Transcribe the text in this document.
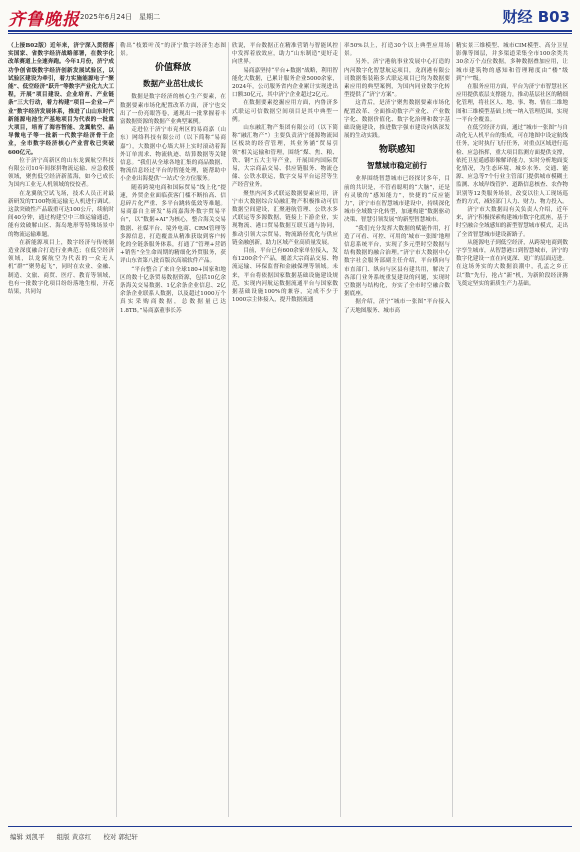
齐鲁晚报 2025年6月24日　星期二	财经 B03

（上接B02版）近年来，济宁深入贯彻落实国家、省数字经济战略部署，在数字化改革赛道上全速奔跑。今年1月份，济宁成功争创省级数字经济创新发展试验区，以试验区建设为牵引，着力实施能源电子“聚能”、低空经济“跃升”等数字产业化九大工程，开展“项目建设、企业培育、产业链条”三大行动，着力构建“项目—企业—产业”数字经济发展体系，推进了山山东时代新能源电池生产基地项目为代表的一批重大项目，培育了海容智能、龙翼航空、晶导微电子等一批新一代数字经济骨干企业，全市数字经济核心产业营收已突破600亿元。

位于济宁高新区的山东龙翼航空科技有限公司10年间探拼物流运输、应急救援领域，聚焦低空经济新蓝海，如今已成长为国内工业无人机领域的佼佼者。

在龙翼航空试飞场，技术人员正对最新研发的T100物流运输无人机进行调试。这款突破性产品载重可达100公斤，续航时间40分钟，通过构建空中三维运输通道，能有效破解山区、海岛地形等特殊场景中的物流运输难题。

在新能源项目上，数字经济与传统制造业深度融合打造行业典范；在低空经济领域，以龙翼航空为代表的一众无人机“群”“聚势起飞”，同时在农业、金融、制造、文旅、商贸、医疗、教育等领域，也有一批数字化项目纷纷落地生根，开花结果，共同勾

勒出“枝繁叶茂”的济宁数字经济生态图景。

价值释放
数据产业茁壮成长

数据是数字经济的核心生产要素，在数据要素市场化配置改革方面，济宁也交出了一份亮眼答卷，通现出一批掌握着丰富数据资源的数据产业典型案例。

走进位于济宁市兖州区的易商嘉（山东）网络科技有限公司（以下简称“易商嘉”），大数据中心墙大屏上实时滚动着海外订单需求、物流轨迹、结算数据等关键信息。“我们从全球各地汇集的商品数据、物流信息经过平台的智能处理，能帮助中小企业出海提供‘一站式’全方位服务。

随着跨境电商和国际贸易“线上化”提速，外贸企业面临获客门槛不断抬高、信息碎片化严重、多平台跳转低效等难题。易商嘉自主研发“易商嘉海外数字贸易平台”，以“数据+AI”为核心，整合海关交易数据、社媒平台、境外电商、CRM管理等多源信息，打造覆盖从精准获取到客户转化的全链条服务体系，打通了“管理+营销+销售”全生命周期的精细化外贸服务，获评山东省第八批首版次高端软件产品。

“平台整合了来自全球180+国家和地区的数十亿条贸易数据资源，包括10亿余条海关交易数据、1亿余条企业信息、2亿余条企业联系人数据，以及超过1000万个真实采购商数据，总数据量已达1.8TB。”易商嘉董事长苏

欣说，平台数据正在精准营销与智能风控中发挥着放效应，助力“山东制造”更好走向世界。

易商嘉坚持“平台+数据”战略，利用智能化大数据，已累计服务企业5000余家，2024年，公司服务省内企业累计实现进出口额30亿元，其中济宁企业超过2亿元。

在数据要素挖掘应用方面，内鲁济多式联运可信数据空间项目是其中典型一例。

山东融汇物产集团有限公司（以下简称“融汇物产”）主要负责济宁能源物流园区板块的经营管理，其业务涵“贸易引领”相关运输和管理，围绕“煤、焦、粮、铁、钢”五大主导产业，开展国内国际贸易，大宗商品交易、供应链服务、物流仓储、公铁水联运，数字交易平台运营等生产经营业务。

聚焦内河多式联运数据要素应用，济宁市大数据综合局融汇物产积极推动可信数据空间建设，汇聚港航管理、公铁水多式联运等多源数据，链接上下游企业，实现物流、港口贸易数据互联互通与协同，推动引领大宗贸易，物流路径优化与供应链金融创新，助力区域产业高质量发展。

目前，平台已有600余家单位接入，发布1200余个产品，覆盖大宗商品交易、物流运输、环保监督和金融保理等领域。未来，平台将依据国家数据基础设施建设规范，实现内河航运数据流通平台与国家数据基础设施100%的兼容，完成不少于1000宗主体接入，提升数据流通

率50%以上，打造30个以上典型应用场景。

另外，济宁港航事业发展中心打造的内河数字化智慧航运项目，龙润港有限公司数据集装箱多式联运项目已均为数据要素应用的典型案例，为国内同业数字化转型提供了“济宁方案”。

这背后，是济宁聚焦数据要素市场化配置改革、全面推动数字产业化、产业数字化、数据价值化、数字化治理和数字基础设施建设，推进数字强市建设向纵深发展的生动实践。

物联感知
智慧城市稳定前行

业界围绕智慧城市已经探讨多年，目前的共识是，不管看聪明的“大脑”，还是有灵敏的“感知能力”，快捷的“反应能力”，济宁市在智慧城市建设中，持续深化城市全域数字化转型，加速构建“数据驱动决策、智慧引领发展”的新型智慧城市。

“我们充分发挥大数据的赋能作用，打造了可看、可控、可用的‘城市一张图’地理信息系统平台，实现了多元型时空数据与结构数据的融合治理。”济宁市大数据中心数字社会服务部副主任介绍，平台横向与市直部门、纵向与区县有建共用，解决了各部门业务系统重复建设的问题，实现时空数据与结构化，夯实了全市时空融合数据底座。

据介绍，济宁“城市一张图”平台接入了天地图服务、城市高

精实景三维模型、城市CIM模型、高分卫星影像等图层，并多渠道采集全市100余类共30余万个点位数据，多种数据叠加应用，让城市建筑物的感知和管理精度由“楼”级到“户”级。

在服务应用方面，平台为济宁市智慧社区应用提供底层支撑能力，推动基层社区的精细化管理，将社区人、地、事、物、情在二维地图和三维模型基础上统一纳入管理范围，实现一平台全覆盖。

在低空经济方面，通过“城市一张图”与自动化无人机平台的集成，可在地图中设定航线任务，定时执行飞行任务，对重点区域进行巡检、应急指挥，重大项目监测方面提供支撑，依托卫星遥感影像解译能力，实时分析地面变化情况，为生态环境、城乡水务、交通、能源、应急等7个行业主管部门提供城市模糊土监测、水域岸线管护、道路信息核查、农作物识别等12类服务场景，改变以往人工现场巡查的方式，减轻部门人力、财力、物力投入。

济宁市大数据局有关负责人介绍，近年来，济宁积极探索构建城市数字化底座，基于时空融合全域感知的新型智慧城市模式，走出了全省智慧城市建设新路子。

从能源电子到低空经济，从跨境电商到数字孪生城市，从智慧港口到智慧城市，济宁的数字化建设一直在向更深、更广的层面迈进。在这场务实的大数据浪潮中，孔孟之乡正以“数”先行，抢占“新”机，为新阶段经济腾飞奠定坚实的新质生产力基础。

编辑 刘凯平 组版 黄彦红 校对 郭纪轩
